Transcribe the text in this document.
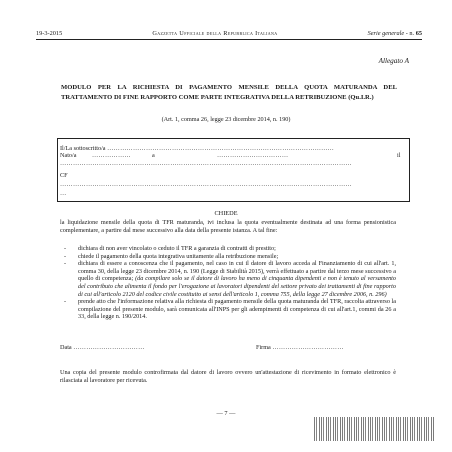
19-3-2015	Gazzetta Ufficiale della Repubblica Italiana	Serie generale - n. 65
Allegato A
MODULO PER LA RICHIESTA DI PAGAMENTO MENSILE DELLA QUOTA MATURANDA DEL TRATTAMENTO DI FINE RAPPORTO COME PARTE INTEGRATIVA DELLA RETRIBUZIONE (Qu.I.R.)
(Art. 1, comma 26, legge 23 dicembre 2014, n. 190)
Il/La sottoscritto/a ……………………………………………………………………………………………
Nato/a	………………	a	……………………………	il
………………………………………………………………………………………………………………………
CF
………………………………………………………………………………………………………………………
…
CHIEDE
la liquidazione mensile della quota di TFR maturanda, ivi inclusa la quota eventualmente destinata ad una forma pensionistica complementare, a partire dal mese successivo alla data della presente istanza. A tal fine:
- dichiara di non aver vincolato o ceduto il TFR a garanzia di contratti di prestito;
- chiede il pagamento della quota integrativa unitamente alla retribuzione mensile;
- dichiara di essere a conoscenza che il pagamento, nel caso in cui il datore di lavoro acceda al Finanziamento di cui all'art. 1, comma 30, della legge 23 dicembre 2014, n. 190 (Legge di Stabilità 2015), verrà effettuato a partire dal terzo mese successivo a quello di competenza; (da compilare solo se il datore di lavoro ha meno di cinquanta dipendenti e non è tenuto al versamento del contributo che alimenta il fondo per l'erogazione ai lavoratori dipendenti del settore privato dei trattamenti di fine rapporto di cui all'articolo 2120 del codice civile costituito ai sensi dell'articolo 1, comma 755, della legge 27 dicembre 2006, n. 296)
- prende atto che l'informazione relativa alla richiesta di pagamento mensile della quota maturanda del TFR, raccolta attraverso la compilazione del presente modulo, sarà comunicata all'INPS per gli adempimenti di competenza di cui all'art.1, commi da 26 a 33, della legge n. 190/2014.
Data ……………………………	Firma ……………………………
Una copia del presente modulo controfirmata dal datore di lavoro ovvero un'attestazione di ricevimento in formato elettronico è rilasciata al lavoratore per ricevuta.
— 7 —
